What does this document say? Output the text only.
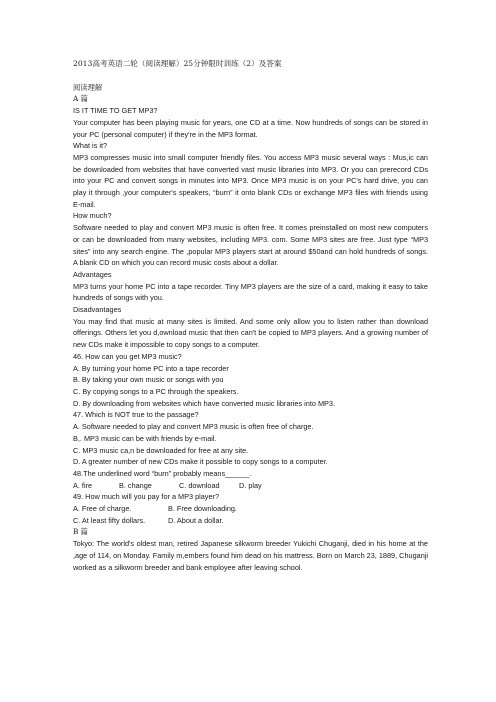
2013高考英语二轮（阅读理解）25分钟限时训练（2）及答案
阅读理解
A 篇
IS IT TIME TO GET MP3?

Your computer has been playing music for years, one CD at a time. Now hundreds of songs can be stored in your PC (personal computer) if they're in the MP3 format.

What is it?

MP3 compresses music into small computer friendly files. You access MP3 music several ways : Mus,ic can be downloaded from websites that have converted vast music libraries into MP3. Or you can prerecord CDs into your PC and convert songs in minutes into MP3. Once MP3 music is on your PC's hard drive, you can play it through ,your computer's speakers, “burn” it onto blank CDs or exchange MP3 files with friends using E-mail.

How much?

Software needed to play and convert MP3 music is often free. It comes preinstalled on most new computers or can be downloaded from many websites, including MP3. com. Some MP3 sites are free. Just type “MP3 sites” into any search engine. The ,popular MP3 players start at around $50and can hold hundreds of songs. A blank CD on which you can record music costs about a dollar.

Advantages

MP3 turns your home PC into a tape recorder. Tiny MP3 players are the size of a card, making it easy to take hundreds of songs with you.

Disadvantages

You may find that music at many sites is limited. And some only allow you to listen rather than download offerings. Others let you d,ownload music that then can't be copied to MP3 players. And a growing number of new CDs make it impossible to copy songs to a computer.

46. How can you get MP3 music?
A. By turning your home PC into a tape recorder
B. By taking your own music or songs with you
C. By copying songs to a PC through the speakers.
D. By downloading from websites which have converted music libraries into MP3.
47. Which is NOT true to the passage?
A. Software needed to play and convert MP3 music is often free of charge.
B,. MP3 music can be with friends by e-mail.
C. MP3 music ca,n be downloaded for free at any site.
D. A greater number of new CDs make it possible to copy songs to a computer.
48.The underlined word “burn” probably means______.
A. fire	B. change	C. download	D. play
49. How much will you pay for a MP3 player?
A. Free of charge.	B. Free downloading.
C. At least fifty dollars.	D. About a dollar.
B 篇

Tokyo: The world's oldest man, retired Japanese silkworm breeder Yukichi Chuganji, died in his home at the ,age of 114, on Monday. Family m,embers found him dead on his mattress. Born on March 23, 1889, Chuganji worked as a silkworm breeder and bank employee after leaving school.
